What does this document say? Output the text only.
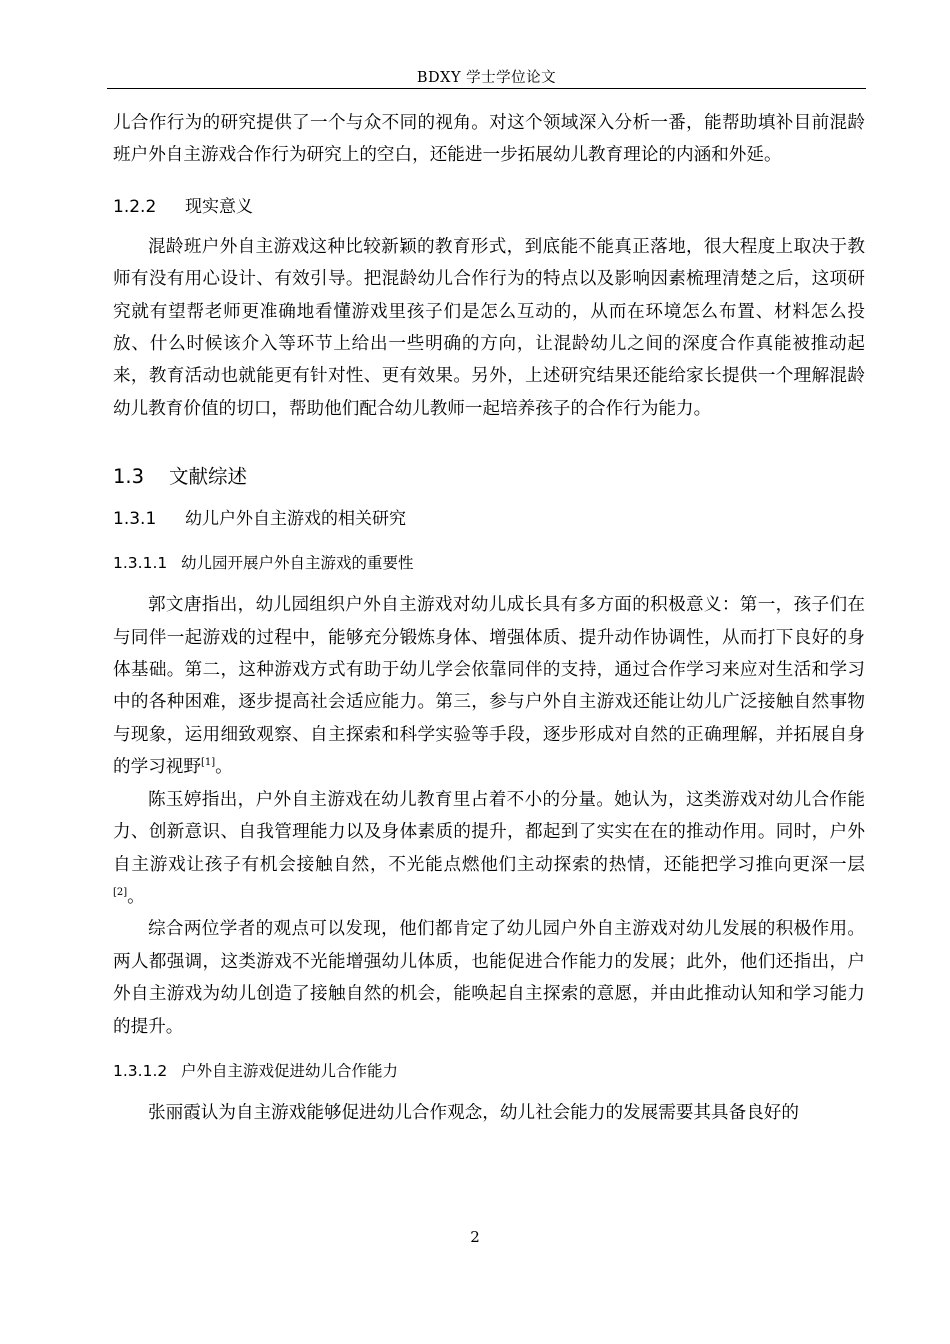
BDXY 学士学位论文

儿合作行为的研究提供了一个与众不同的视角。对这个领域深入分析一番，能帮助填补目前混龄班户外自主游戏合作行为研究上的空白，还能进一步拓展幼儿教育理论的内涵和外延。

1.2.2 现实意义

混龄班户外自主游戏这种比较新颖的教育形式，到底能不能真正落地，很大程度上取决于教师有没有用心设计、有效引导。把混龄幼儿合作行为的特点以及影响因素梳理清楚之后，这项研究就有望帮老师更准确地看懂游戏里孩子们是怎么互动的，从而在环境怎么布置、材料怎么投放、什么时候该介入等环节上给出一些明确的方向，让混龄幼儿之间的深度合作真能被推动起来，教育活动也就能更有针对性、更有效果。另外，上述研究结果还能给家长提供一个理解混龄幼儿教育价值的切口，帮助他们配合幼儿教师一起培养孩子的合作行为能力。

1.3 文献综述
1.3.1 幼儿户外自主游戏的相关研究
1.3.1.1 幼儿园开展户外自主游戏的重要性

郭文唐指出，幼儿园组织户外自主游戏对幼儿成长具有多方面的积极意义：第一，孩子们在与同伴一起游戏的过程中，能够充分锻炼身体、增强体质、提升动作协调性，从而打下良好的身体基础。第二，这种游戏方式有助于幼儿学会依靠同伴的支持，通过合作学习来应对生活和学习中的各种困难，逐步提高社会适应能力。第三，参与户外自主游戏还能让幼儿广泛接触自然事物与现象，运用细致观察、自主探索和科学实验等手段，逐步形成对自然的正确理解，并拓展自身的学习视野[1]。

陈玉婷指出，户外自主游戏在幼儿教育里占着不小的分量。她认为，这类游戏对幼儿合作能力、创新意识、自我管理能力以及身体素质的提升，都起到了实实在在的推动作用。同时，户外自主游戏让孩子有机会接触自然，不光能点燃他们主动探索的热情，还能把学习推向更深一层[2]。

综合两位学者的观点可以发现，他们都肯定了幼儿园户外自主游戏对幼儿发展的积极作用。两人都强调，这类游戏不光能增强幼儿体质，也能促进合作能力的发展；此外，他们还指出，户外自主游戏为幼儿创造了接触自然的机会，能唤起自主探索的意愿，并由此推动认知和学习能力的提升。

1.3.1.2 户外自主游戏促进幼儿合作能力

张丽霞认为自主游戏能够促进幼儿合作观念，幼儿社会能力的发展需要其具备良好的

2
